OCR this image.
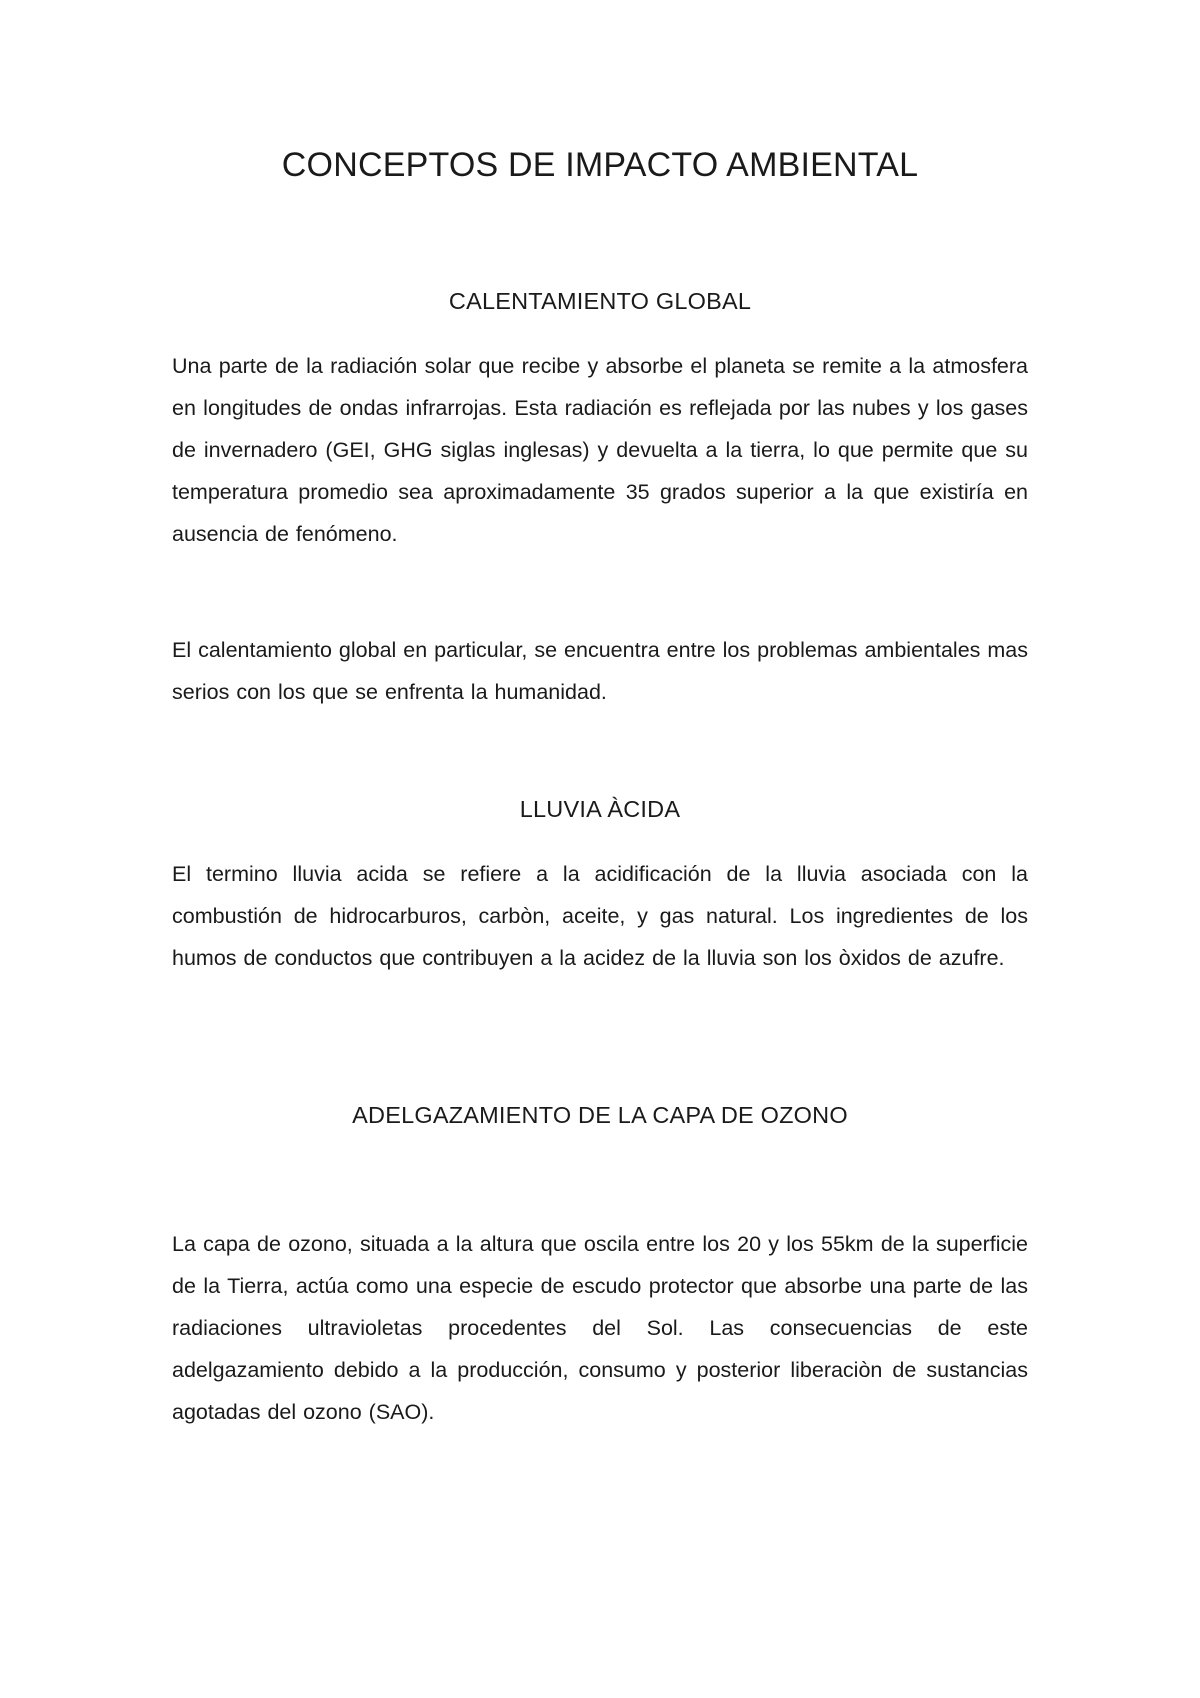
CONCEPTOS DE IMPACTO AMBIENTAL
CALENTAMIENTO GLOBAL

Una parte de la radiación solar que recibe y absorbe el planeta se remite a la atmosfera en longitudes de ondas infrarrojas. Esta radiación es reflejada por las nubes y los gases de invernadero (GEI, GHG siglas inglesas) y devuelta a la tierra, lo que permite que su temperatura promedio sea aproximadamente 35 grados superior a la que existiría en ausencia de fenómeno.

El calentamiento global en particular, se encuentra entre los problemas ambientales mas serios con los que se enfrenta la humanidad.

LLUVIA ÀCIDA

El termino lluvia acida se refiere a la acidificación de la lluvia asociada con la combustión de hidrocarburos, carbòn, aceite, y gas natural. Los ingredientes de los humos de conductos que contribuyen a la acidez de la lluvia son los òxidos de azufre.

ADELGAZAMIENTO DE LA CAPA DE OZONO

La capa de ozono, situada a la altura que oscila entre los 20 y los 55km de la superficie de la Tierra, actúa como una especie de escudo protector que absorbe una parte de las radiaciones ultravioletas procedentes del Sol. Las consecuencias de este adelgazamiento debido a la producción, consumo y posterior liberaciòn de sustancias agotadas del ozono (SAO).
